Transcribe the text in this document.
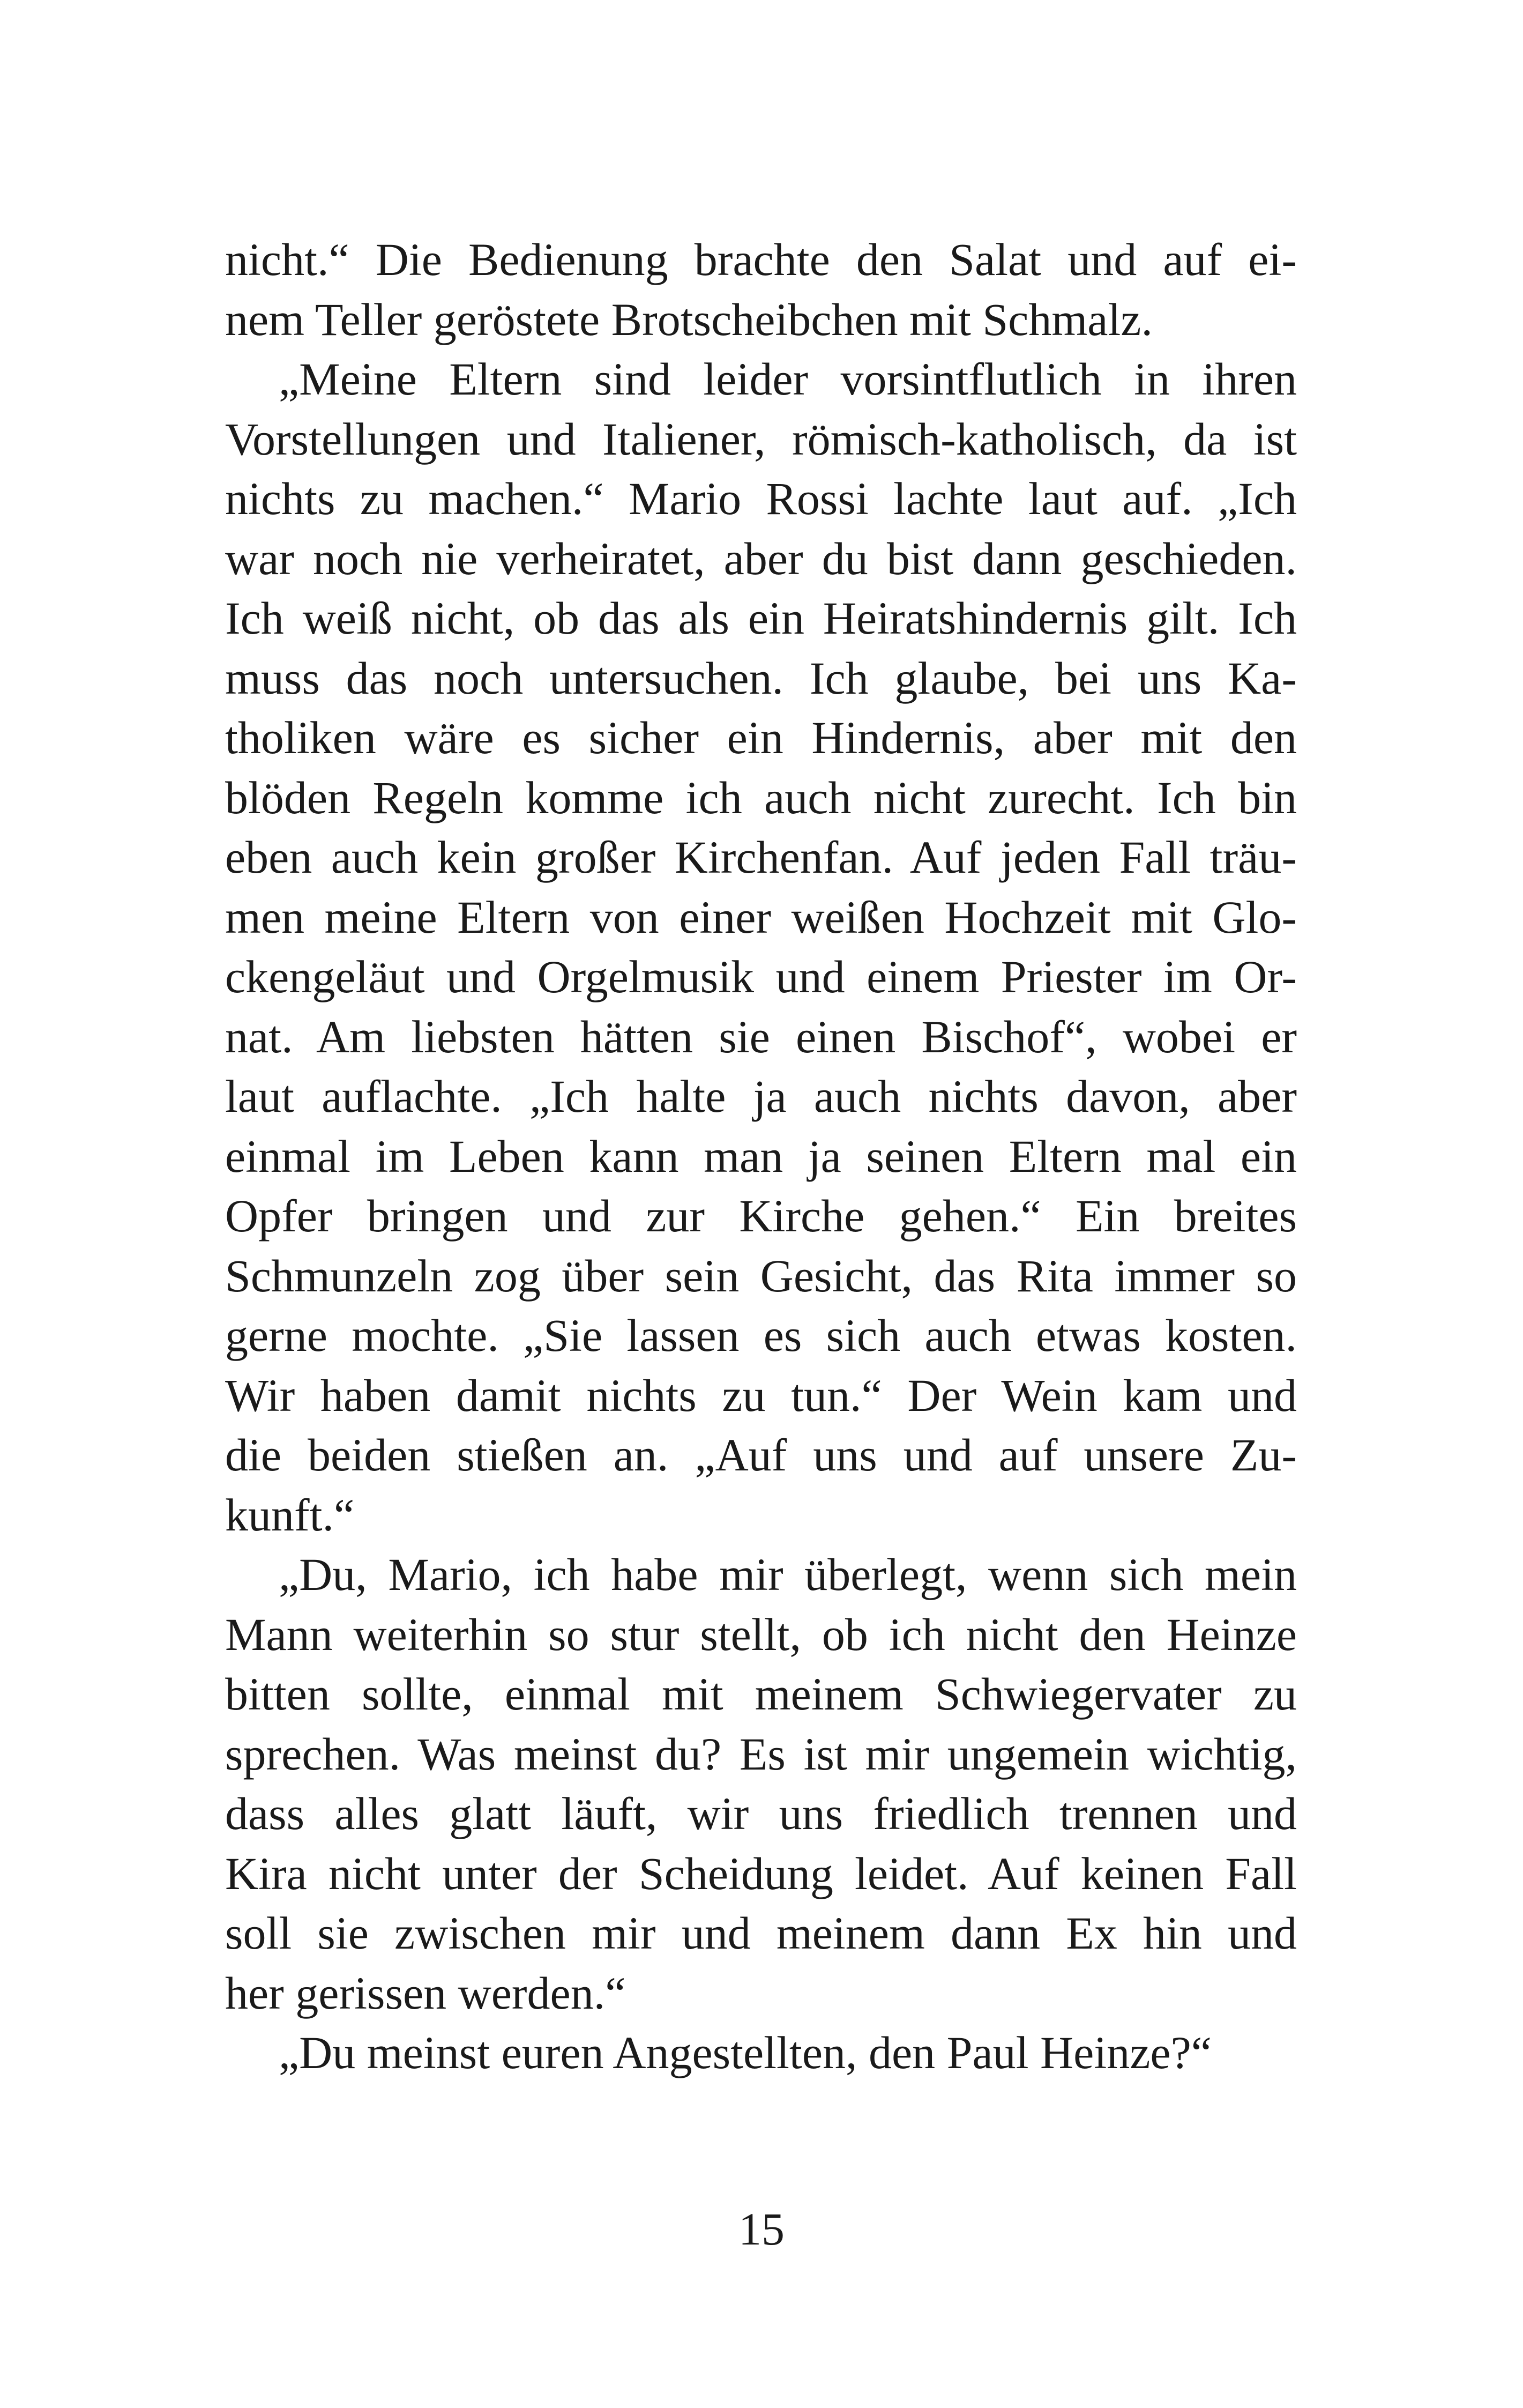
nicht.“ Die Bedienung brachte den Salat und auf ei-
nem Teller geröstete Brotscheibchen mit Schmalz.
„Meine Eltern sind leider vorsintflutlich in ihren
Vorstellungen und Italiener, römisch-katholisch, da ist
nichts zu machen.“ Mario Rossi lachte laut auf. „Ich
war noch nie verheiratet, aber du bist dann geschieden.
Ich weiß nicht, ob das als ein Heiratshindernis gilt. Ich
muss das noch untersuchen. Ich glaube, bei uns Ka-
tholiken wäre es sicher ein Hindernis, aber mit den
blöden Regeln komme ich auch nicht zurecht. Ich bin
eben auch kein großer Kirchenfan. Auf jeden Fall träu-
men meine Eltern von einer weißen Hochzeit mit Glo-
ckengeläut und Orgelmusik und einem Priester im Or-
nat. Am liebsten hätten sie einen Bischof“, wobei er
laut auflachte. „Ich halte ja auch nichts davon, aber
einmal im Leben kann man ja seinen Eltern mal ein
Opfer bringen und zur Kirche gehen.“ Ein breites
Schmunzeln zog über sein Gesicht, das Rita immer so
gerne mochte. „Sie lassen es sich auch etwas kosten.
Wir haben damit nichts zu tun.“ Der Wein kam und
die beiden stießen an. „Auf uns und auf unsere Zu-
kunft.“
„Du, Mario, ich habe mir überlegt, wenn sich mein
Mann weiterhin so stur stellt, ob ich nicht den Heinze
bitten sollte, einmal mit meinem Schwiegervater zu
sprechen. Was meinst du? Es ist mir ungemein wichtig,
dass alles glatt läuft, wir uns friedlich trennen und
Kira nicht unter der Scheidung leidet. Auf keinen Fall
soll sie zwischen mir und meinem dann Ex hin und
her gerissen werden.“
„Du meinst euren Angestellten, den Paul Heinze?“
15
